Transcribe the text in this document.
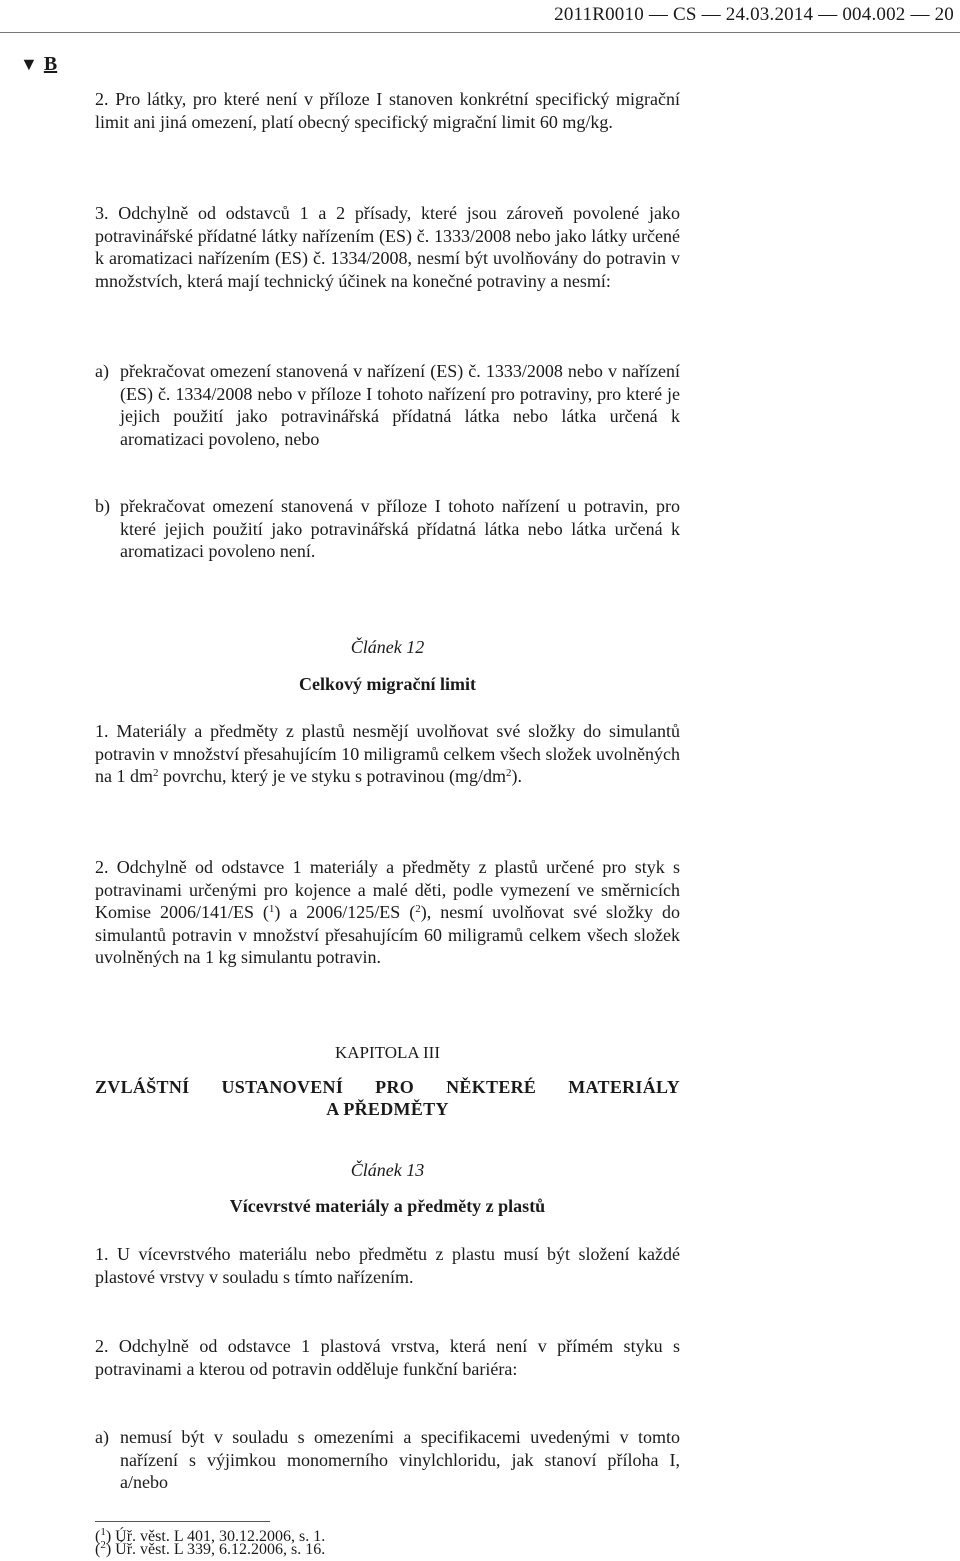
2011R0010 — CS — 24.03.2014 — 004.002 — 20
▼ B

2. Pro látky, pro které není v příloze I stanoven konkrétní specifický migrační limit ani jiná omezení, platí obecný specifický migrační limit 60 mg/kg.

3. Odchylně od odstavců 1 a 2 přísady, které jsou zároveň povolené jako potravinářské přídatné látky nařízením (ES) č. 1333/2008 nebo jako látky určené k aromatizaci nařízením (ES) č. 1334/2008, nesmí být uvolňovány do potravin v množstvích, která mají technický účinek na konečné potraviny a nesmí:

a) překračovat omezení stanovená v nařízení (ES) č. 1333/2008 nebo v nařízení (ES) č. 1334/2008 nebo v příloze I tohoto nařízení pro potraviny, pro které je jejich použití jako potravinářská přídatná látka nebo látka určená k aromatizaci povoleno, nebo
b) překračovat omezení stanovená v příloze I tohoto nařízení u potravin, pro které jejich použití jako potravinářská přídatná látka nebo látka určená k aromatizaci povoleno není.
Článek 12
Celkový migrační limit

1. Materiály a předměty z plastů nesmějí uvolňovat své složky do simulantů potravin v množství přesahujícím 10 miligramů celkem všech složek uvolněných na 1 $dm^2$ povrchu, který je ve styku s potravinou $(mg/dm^2)$.

2. Odchylně od odstavce 1 materiály a předměty z plastů určené pro styk s potravinami určenými pro kojence a malé děti, podle vymezení ve směrnicích Komise 2006/141/ES ($^1$) a 2006/125/ES ($^2$), nesmí uvolňovat své složky do simulantů potravin v množství přesahujícím 60 miligramů celkem všech složek uvolněných na 1 kg simulantu potravin.

KAPITOLA III
ZVLÁŠTNÍ USTANOVENÍ PRO NĚKTERÉ MATERIÁLY
A PŘEDMĚTY
Článek 13
Vícevrstvé materiály a předměty z plastů

1. U vícevrstvého materiálu nebo předmětu z plastu musí být složení každé plastové vrstvy v souladu s tímto nařízením.

2. Odchylně od odstavce 1 plastová vrstva, která není v přímém styku s potravinami a kterou od potravin odděluje funkční bariéra:

a) nemusí být v souladu s omezeními a specifikacemi uvedenými v tomto nařízení s výjimkou monomerního vinylchloridu, jak stanoví příloha I, a/nebo
($^1$) Úř. věst. L 401, 30.12.2006, s. 1.
($^2$) Úř. věst. L 339, 6.12.2006, s. 16.
